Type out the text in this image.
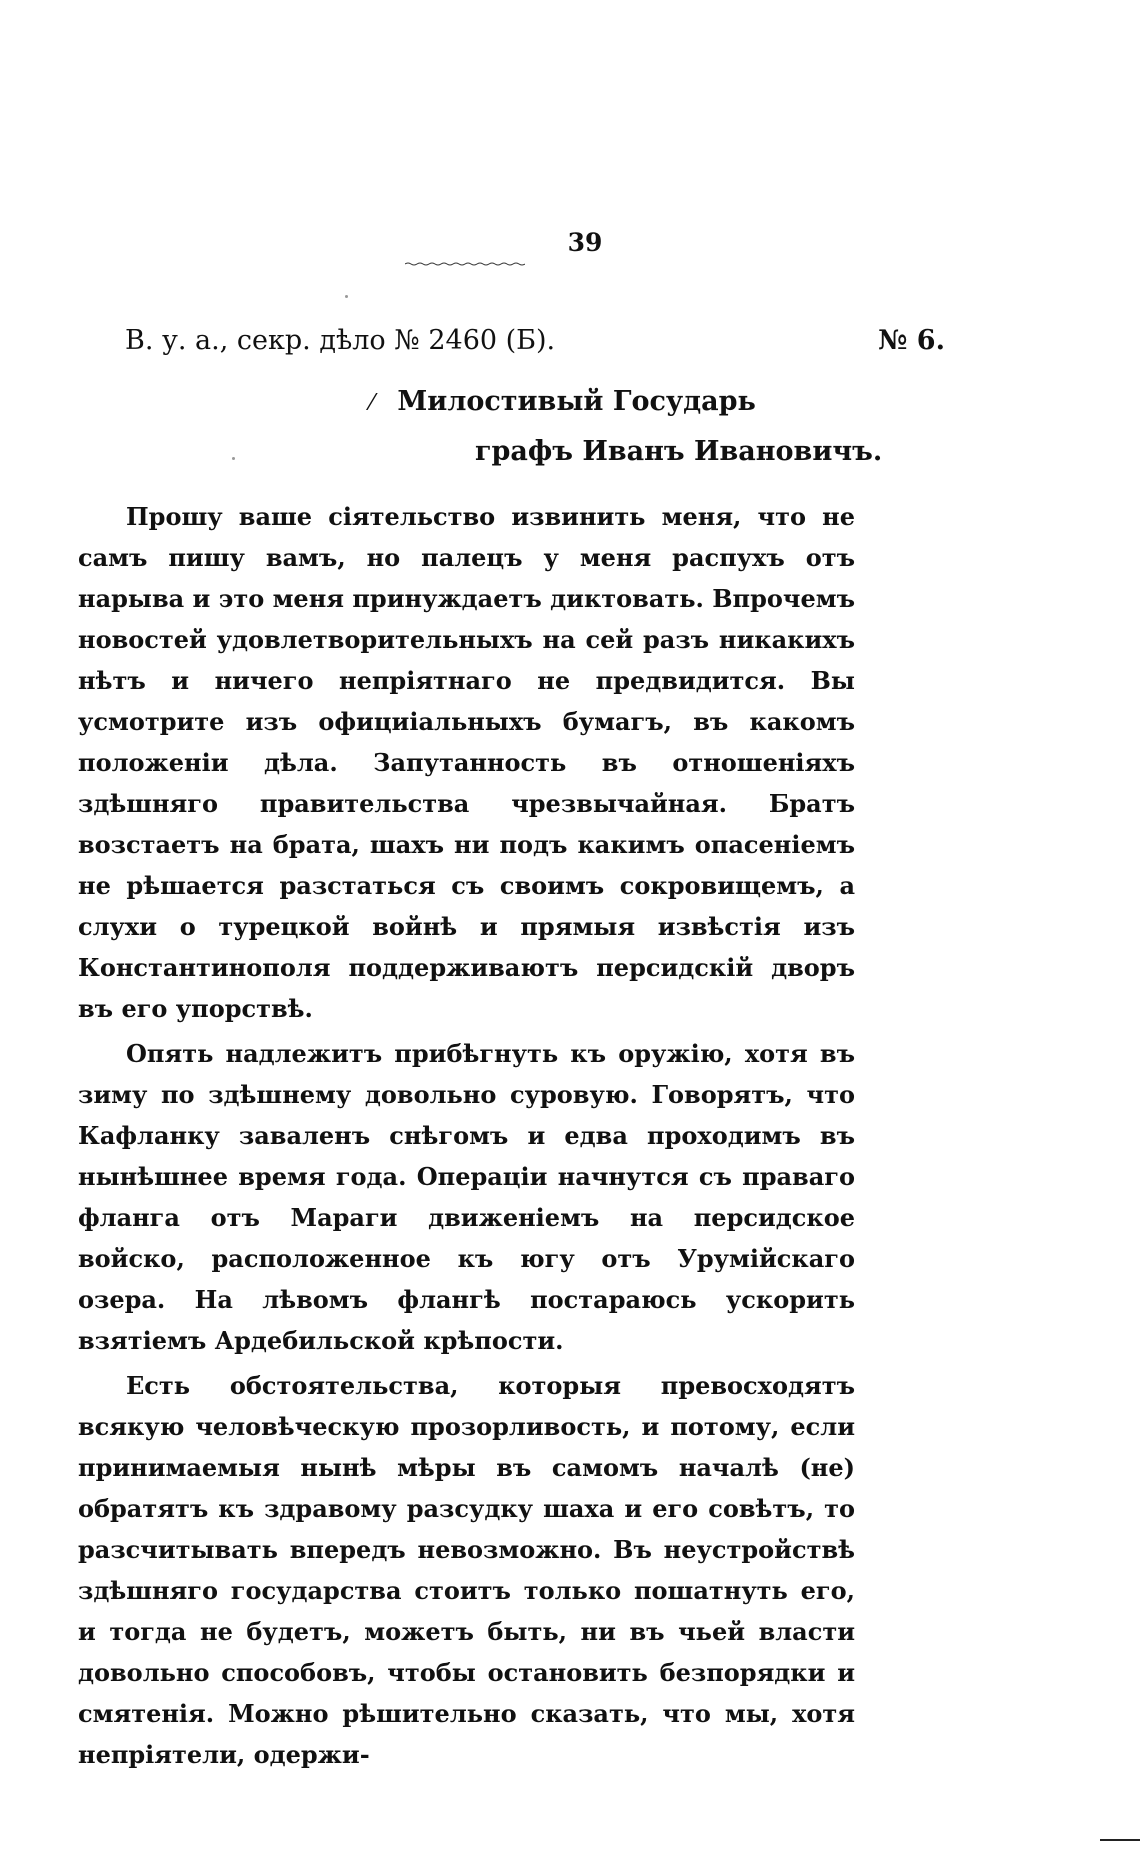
39
В. у. а., секр. дѣло № 2460 (Б).	№ 6.
⁄ Милостивый Государь
графъ Иванъ Ивановичъ.

Прошу ваше сіятельство извинить меня, что не самъ пишу вамъ, но палецъ у меня распухъ отъ нарыва и это меня принуждаетъ диктовать. Впрочемъ новостей удовлетворительныхъ на сей разъ никакихъ нѣтъ и ничего непріятнаго не предвидится. Вы усмотрите изъ официіальныхъ бумагъ, въ какомъ положеніи дѣла. Запутанность въ отношеніяхъ здѣшняго правительства чрезвычайная. Братъ возстаетъ на брата, шахъ ни подъ какимъ опасеніемъ не рѣшается разстаться съ своимъ сокровищемъ, а слухи о турецкой войнѣ и прямыя извѣстія изъ Константинополя поддерживаютъ персидскій дворъ въ его упорствѣ.

Опять надлежитъ прибѣгнуть къ оружію, хотя въ зиму по здѣшнему довольно суровую. Говорятъ, что Кафланку заваленъ снѣгомъ и едва проходимъ въ нынѣшнее время года. Операціи начнутся съ праваго фланга отъ Мараги движеніемъ на персидское войско, расположенное къ югу отъ Урумійскаго озера. На лѣвомъ флангѣ постараюсь ускорить взятіемъ Ардебильской крѣпости.

Есть обстоятельства, которыя превосходятъ всякую человѣческую прозорливость, и потому, если принимаемыя нынѣ мѣры въ самомъ началѣ (не) обратятъ къ здравому разсудку шаха и его совѣтъ, то разсчитывать впередъ невозможно. Въ неустройствѣ здѣшняго государства стоитъ только пошатнуть его, и тогда не будетъ, можетъ быть, ни въ чьей власти довольно способовъ, чтобы остановить безпорядки и смятенія. Можно рѣшительно сказать, что мы, хотя непріятели, одержи-
